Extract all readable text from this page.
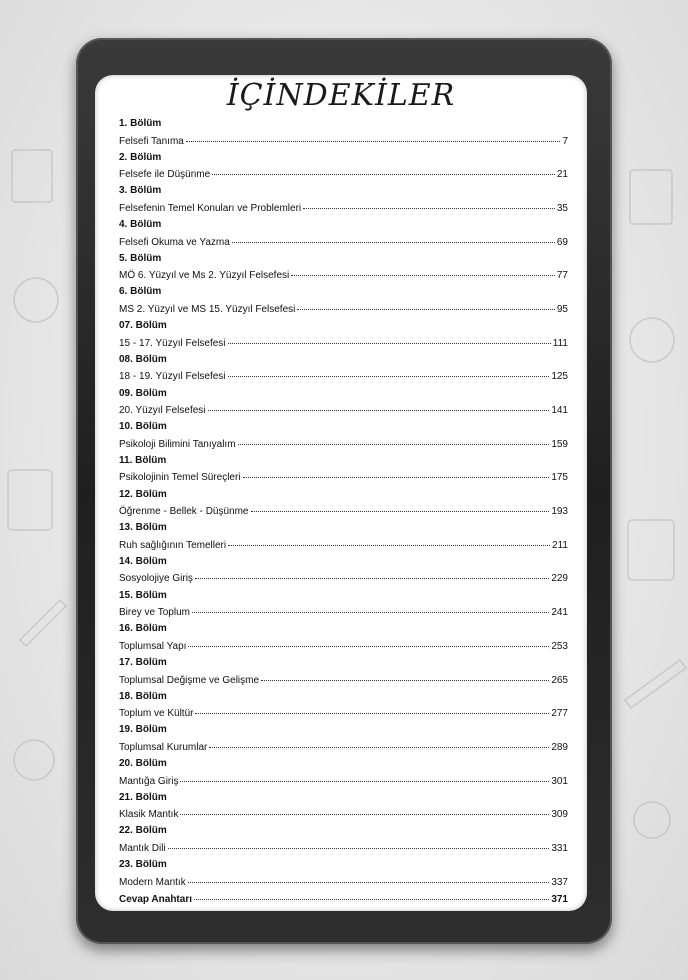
İÇİNDEKİLER
1. Bölüm
Felsefi Tanıma	7
2. Bölüm
Felsefe ile Düşünme	21
3. Bölüm
Felsefenin Temel Konuları ve Problemleri	35
4. Bölüm
Felsefi Okuma ve Yazma	69
5. Bölüm
MÖ 6. Yüzyıl ve Ms 2. Yüzyıl Felsefesi	77
6. Bölüm
MS 2. Yüzyıl ve MS 15. Yüzyıl Felsefesi	95
07. Bölüm
15 - 17. Yüzyıl Felsefesi	111
08. Bölüm
18 - 19. Yüzyıl Felsefesi	125
09. Bölüm
20. Yüzyıl Felsefesi	141
10. Bölüm
Psikoloji Bilimini Tanıyalım	159
11. Bölüm
Psikolojinin Temel Süreçleri	175
12. Bölüm
Öğrenme - Bellek - Düşünme	193
13. Bölüm
Ruh sağlığının Temelleri	211
14. Bölüm
Sosyolojiye Giriş	229
15. Bölüm
Birey ve Toplum	241
16. Bölüm
Toplumsal Yapı	253
17. Bölüm
Toplumsal Değişme ve Gelişme	265
18. Bölüm
Toplum ve Kültür	277
19. Bölüm
Toplumsal Kurumlar	289
20. Bölüm
Mantığa Giriş	301
21. Bölüm
Klasik Mantık	309
22. Bölüm
Mantık Dili	331
23. Bölüm
Modern Mantık	337
Cevap Anahtarı	371
